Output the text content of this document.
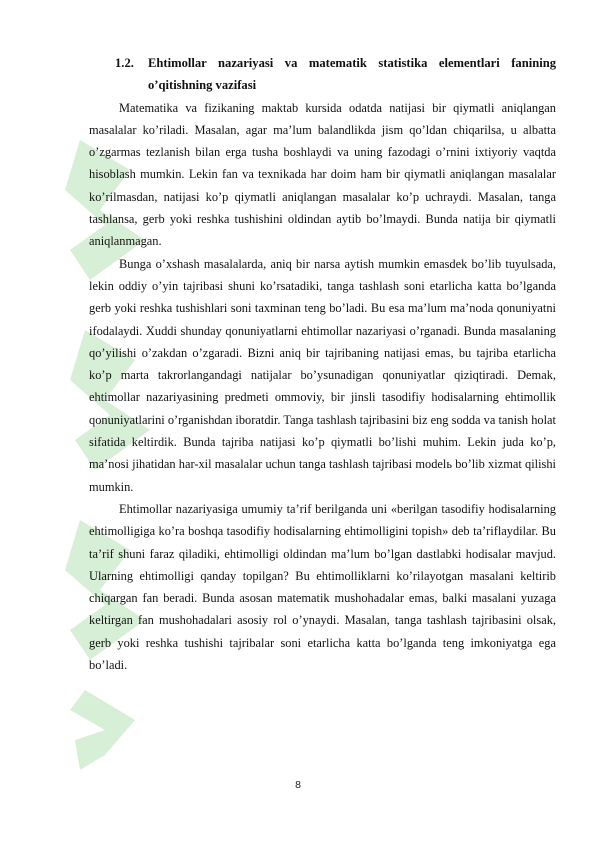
1.2.	Ehtimollar nazariyasi va matematik statistika elementlari fanining o’qitishning vazifasi

Matematika va fizikaning maktab kursida odatda natijasi bir qiymatli aniqlangan masalalar ko’riladi. Masalan, agar ma’lum balandlikda jism qo’ldan chiqarilsa, u albatta o’zgarmas tezlanish bilan erga tusha boshlaydi va uning fazodagi o’rnini ixtiyoriy vaqtda hisoblash mumkin. Lekin fan va texnikada har doim ham bir qiymatli aniqlangan masalalar ko’rilmasdan, natijasi ko’p qiymatli aniqlangan masalalar ko’p uchraydi. Masalan, tanga tashlansa, gerb yoki reshka tushishini oldindan aytib bo’lmaydi. Bunda natija bir qiymatli aniqlanmagan.

Bunga o’xshash masalalarda, aniq bir narsa aytish mumkin emasdek bo’lib tuyulsada, lekin oddiy o’yin tajribasi shuni ko’rsatadiki, tanga tashlash soni etarlicha katta bo’lganda gerb yoki reshka tushishlari soni taxminan teng bo’ladi. Bu esa ma’lum ma’noda qonuniyatni ifodalaydi. Xuddi shunday qonuniyatlarni ehtimollar nazariyasi o’rganadi. Bunda masalaning qo’yilishi o’zakdan o’zgaradi. Bizni aniq bir tajribaning natijasi emas, bu tajriba etarlicha ko’p marta takrorlangandagi natijalar bo’ysunadigan qonuniyatlar qiziqtiradi. Demak, ehtimollar nazariyasining predmeti ommoviy, bir jinsli tasodifiy hodisalarning ehtimollik qonuniyatlarini o’rganishdan iboratdir. Tanga tashlash tajribasini biz eng sodda va tanish holat sifatida keltirdik. Bunda tajriba natijasi ko’p qiymatli bo’lishi muhim. Lekin juda ko’p, ma’nosi jihatidan har-xil masalalar uchun tanga tashlash tajribasi modelь bo’lib xizmat qilishi mumkin.

Ehtimollar nazariyasiga umumiy ta’rif berilganda uni «berilgan tasodifiy hodisalarning ehtimolligiga ko’ra boshqa tasodifiy hodisalarning ehtimolligini topish» deb ta’riflaydilar. Bu ta’rif shuni faraz qiladiki, ehtimolligi oldindan ma’lum bo’lgan dastlabki hodisalar mavjud. Ularning ehtimolligi qanday topilgan? Bu ehtimolliklarni ko’rilayotgan masalani keltirib chiqargan fan beradi. Bunda asosan matematik mushohadalar emas, balki masalani yuzaga keltirgan fan mushohadalari asosiy rol o’ynaydi. Masalan, tanga tashlash tajribasini olsak, gerb yoki reshka tushishi tajribalar soni etarlicha katta bo’lganda teng imkoniyatga ega bo’ladi.

8
